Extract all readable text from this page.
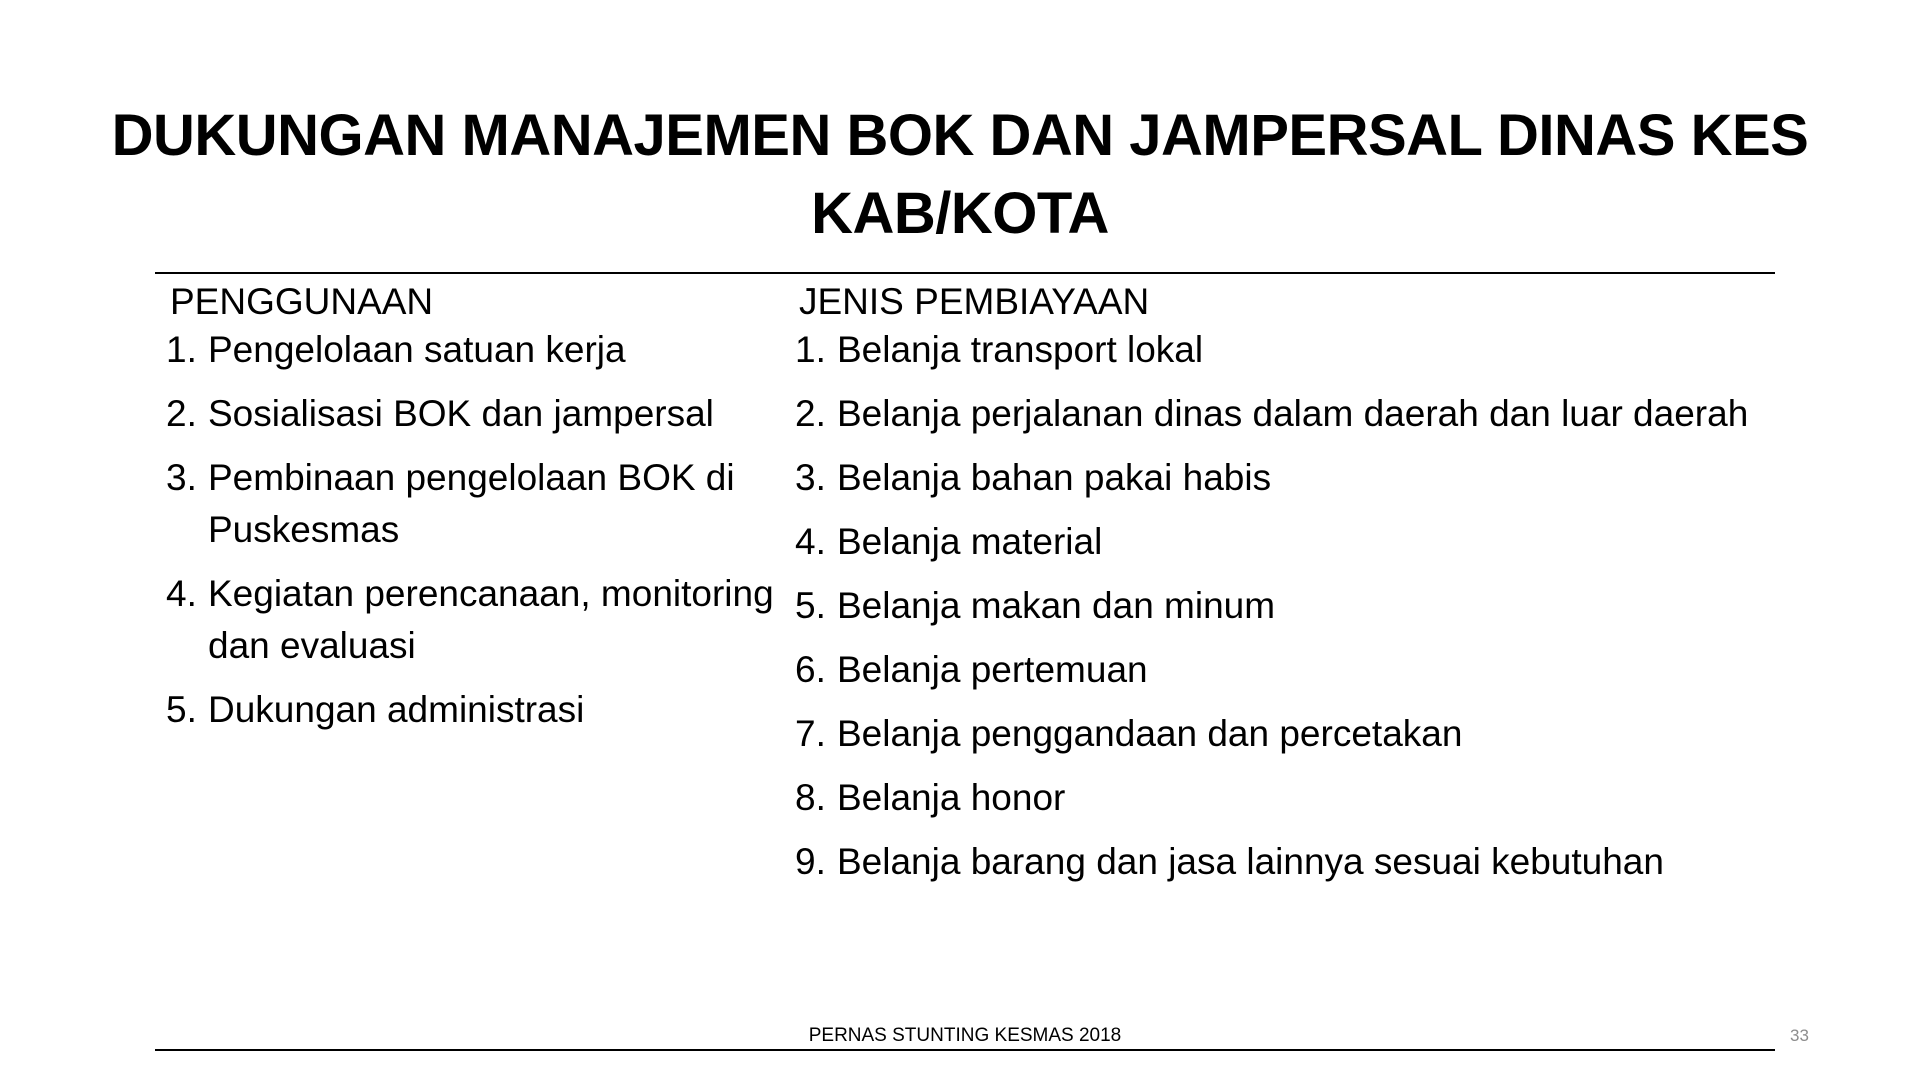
DUKUNGAN MANAJEMEN BOK DAN JAMPERSAL DINAS KES
KAB/KOTA
PENGGUNAAN
1. Pengelolaan satuan kerja
2. Sosialisasi BOK dan jampersal
3. Pembinaan pengelolaan BOK di Puskesmas
4. Kegiatan perencanaan, monitoring dan evaluasi
5. Dukungan administrasi
JENIS PEMBIAYAAN
1. Belanja transport lokal
2. Belanja perjalanan dinas dalam daerah dan luar daerah
3. Belanja bahan pakai habis
4. Belanja material
5. Belanja makan dan minum
6. Belanja pertemuan
7. Belanja penggandaan dan percetakan
8. Belanja honor
9. Belanja barang dan jasa lainnya sesuai kebutuhan
PERNAS STUNTING KESMAS 2018	33
